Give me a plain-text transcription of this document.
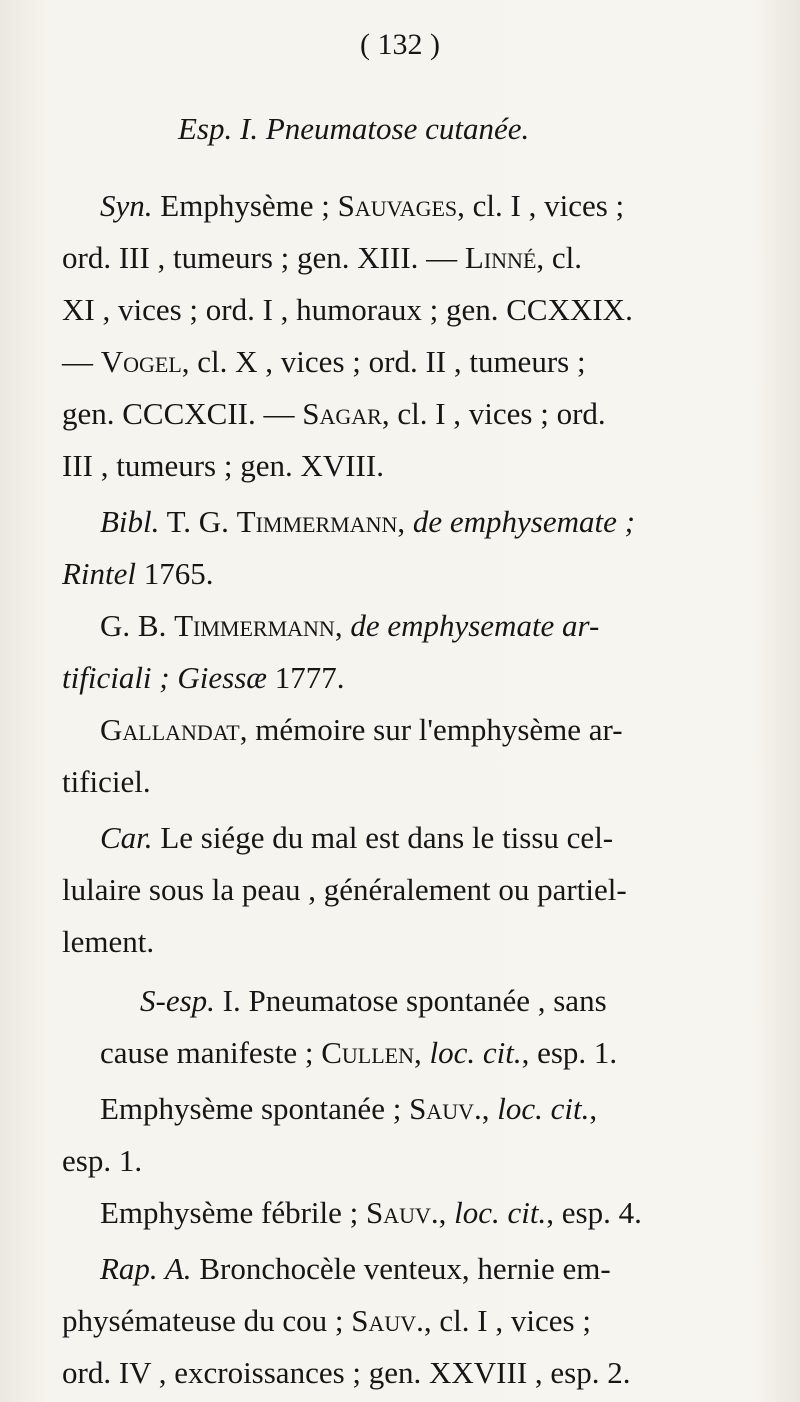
( 132 )
Esp. I. Pneumatose cutanée.
Syn. Emphysème ; Sauvages, cl. I , vices ;
ord. III , tumeurs ; gen. XIII. — Linné, cl.
XI , vices ; ord. I , humoraux ; gen. CCXXIX.
— Vogel, cl. X , vices ; ord. II , tumeurs ;
gen. CCCXCII. — Sagar, cl. I , vices ; ord.
III , tumeurs ; gen. XVIII.
Bibl. T. G. Timmermann, de emphysemate ;
Rintel 1765.
G. B. Timmermann, de emphysemate ar-
tificiali ; Giessæ 1777.
Gallandat, mémoire sur l'emphysème ar-
tificiel.
Car. Le siége du mal est dans le tissu cel-
lulaire sous la peau , généralement ou partiel-
lement.
S-esp. I. Pneumatose spontanée , sans
cause manifeste ; Cullen, loc. cit., esp. 1.
Emphysème spontanée ; Sauv., loc. cit.,
esp. 1.
Emphysème fébrile ; Sauv., loc. cit., esp. 4.
Rap. A. Bronchocèle venteux, hernie em-
physémateuse du cou ; Sauv., cl. I , vices ;
ord. IV , excroissances ; gen. XXVIII , esp. 2.
